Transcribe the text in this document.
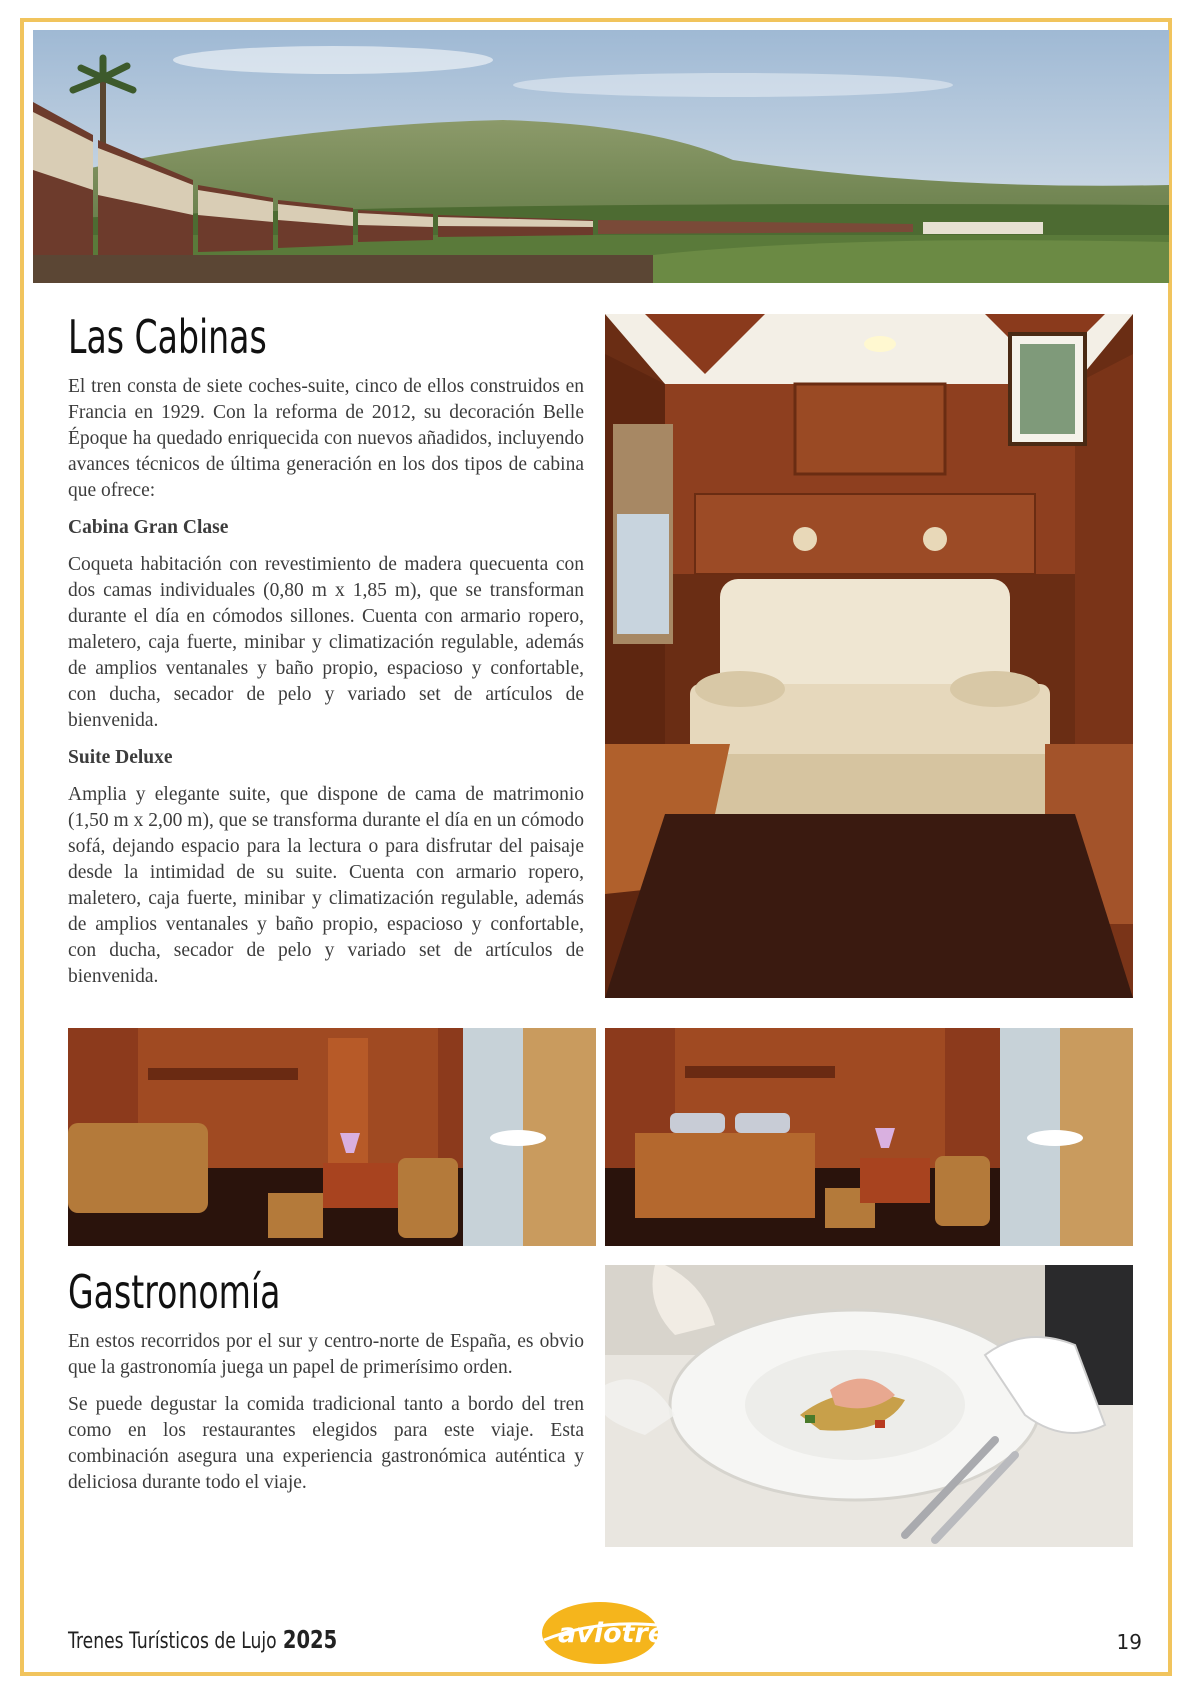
Las Cabinas

El tren consta de siete coches-suite, cinco de ellos construidos en Francia en 1929. Con la reforma de 2012, su decoración Belle Époque ha quedado enriquecida con nuevos añadidos, incluyendo avances técnicos de última generación en los dos tipos de cabina que ofrece:

Cabina Gran Clase

Coqueta habitación con revestimiento de madera quecuenta con dos camas individuales (0,80 m x 1,85 m), que se transforman durante el día en cómodos sillones. Cuenta con armario ropero, maletero, caja fuerte, minibar y climatización regulable, además de amplios ventanales y baño propio, espacioso y confortable, con ducha, secador de pelo y variado set de artículos de bienvenida.

Suite Deluxe

Amplia y elegante suite, que dispone de cama de matrimonio (1,50 m x 2,00 m), que se transforma durante el día en un cómodo sofá, dejando espacio para la lectura o para disfrutar del paisaje desde la intimidad de su suite. Cuenta con armario ropero, maletero, caja fuerte, minibar y climatización regulable, además de amplios ventanales y baño propio, espacioso y confortable, con ducha, secador de pelo y variado set de artículos de bienvenida.

Gastronomía

En estos recorridos por el sur y centro-norte de España, es obvio que la gastronomía juega un papel de primerísimo orden.

Se puede degustar la comida tradicional tanto a bordo del tren como en los restaurantes elegidos para este viaje. Esta combinación asegura una experiencia gastronómica auténtica y deliciosa durante todo el viaje.

Trenes Turísticos de Lujo 2025	aviotren	19
